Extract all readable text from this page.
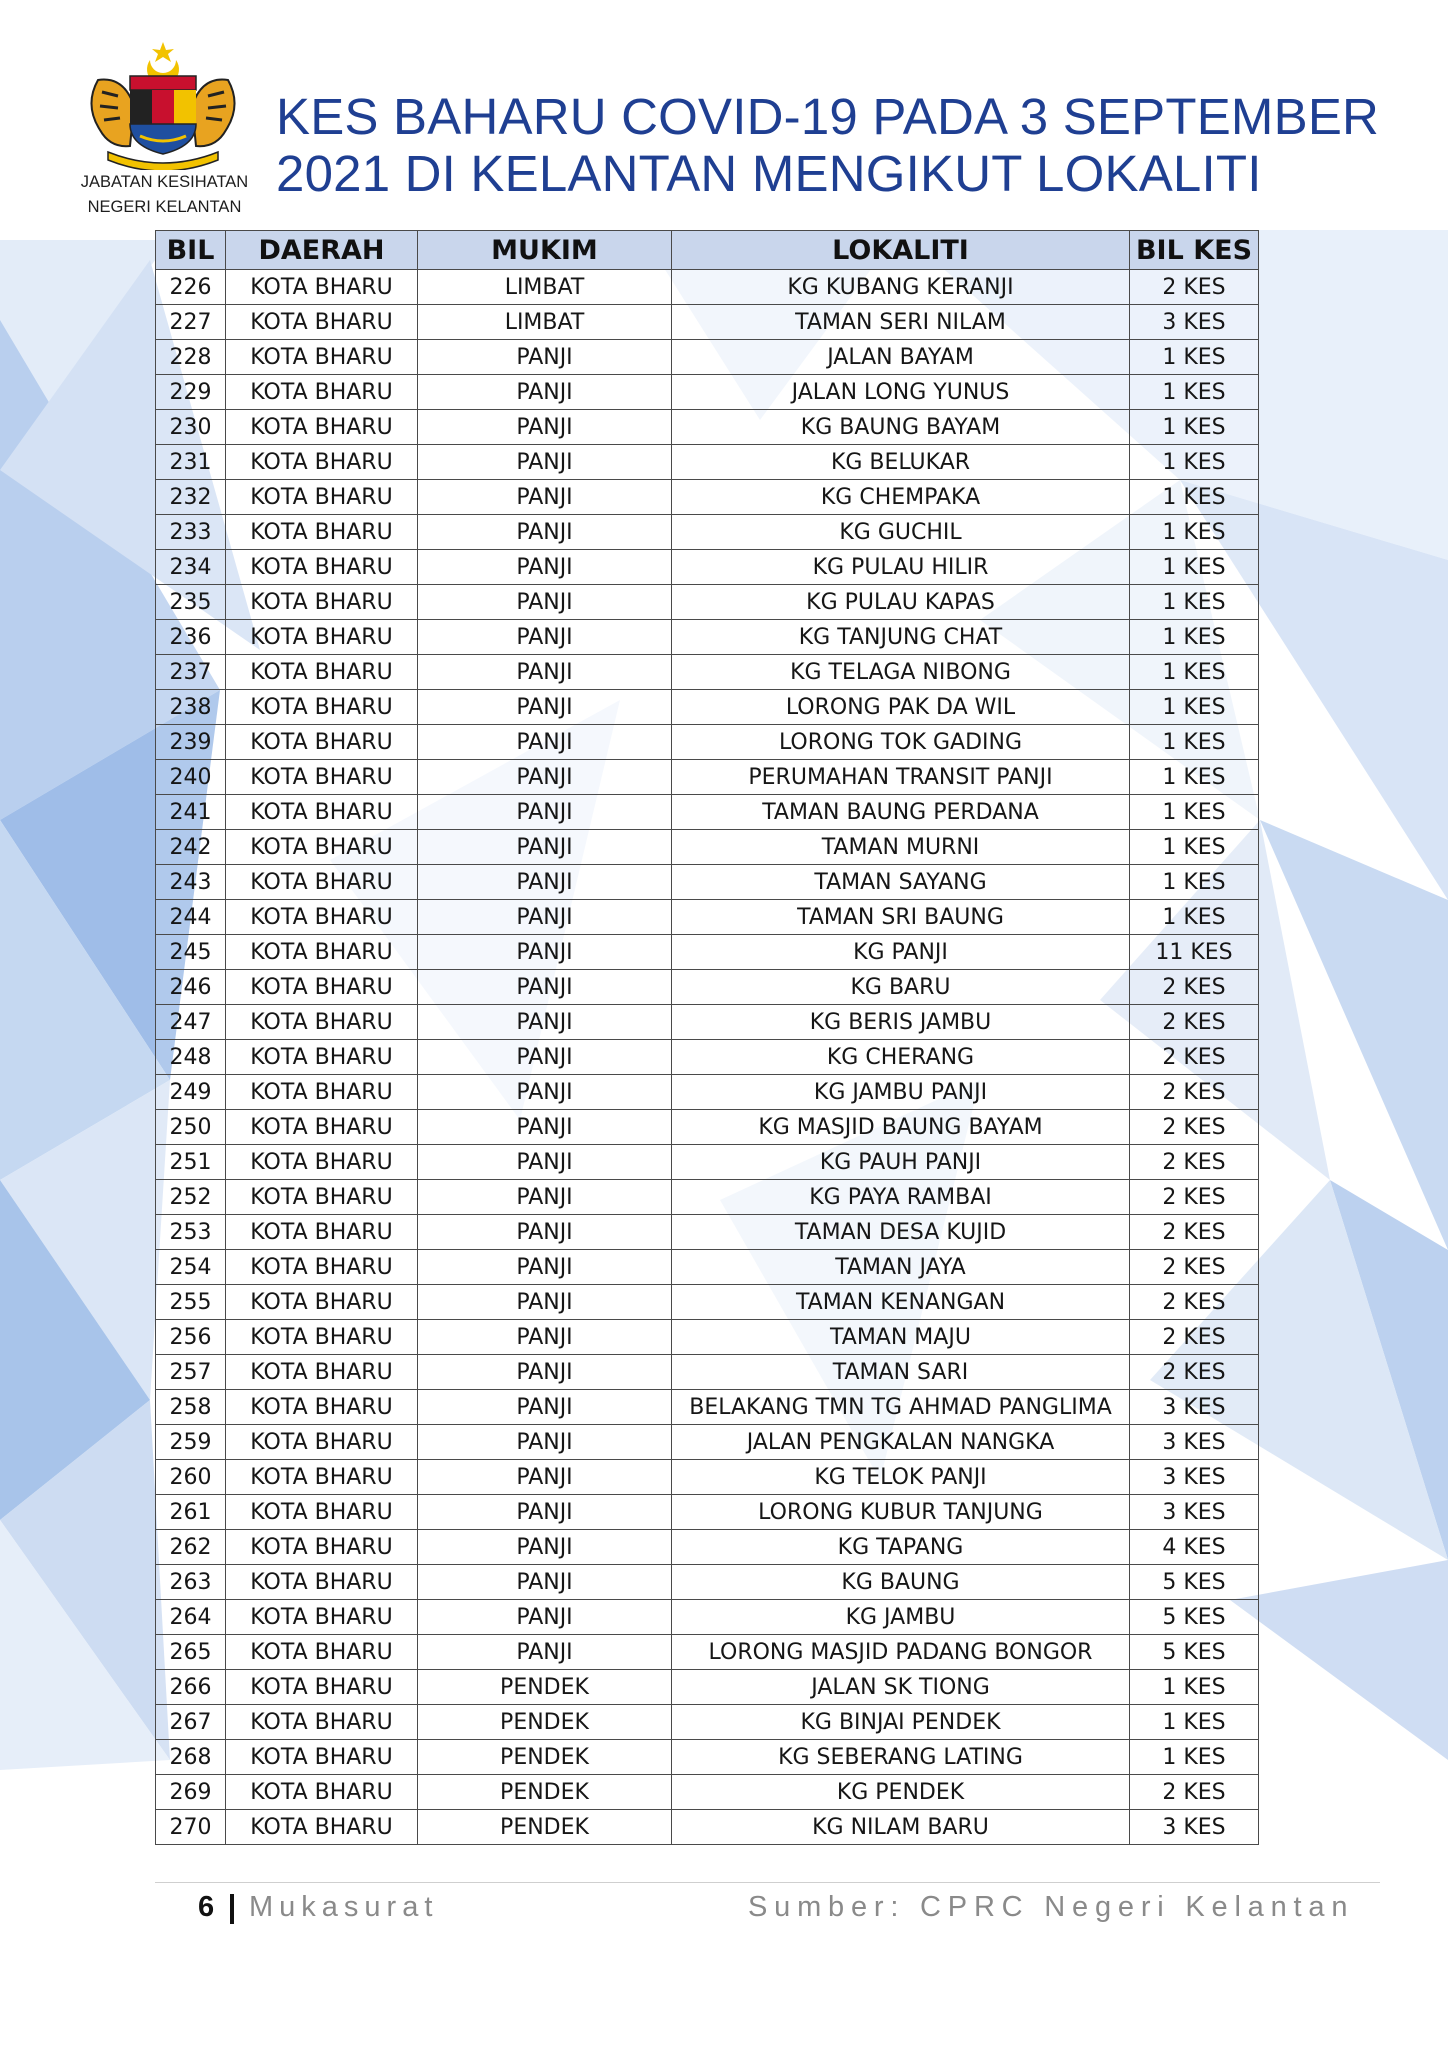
JABATAN KESIHATAN
NEGERI KELANTAN
KES BAHARU COVID-19 PADA 3 SEPTEMBER
2021 DI KELANTAN MENGIKUT LOKALITI
BIL	DAERAH	MUKIM	LOKALITI	BIL KES
226	KOTA BHARU	LIMBAT	KG KUBANG KERANJI	2 KES
227	KOTA BHARU	LIMBAT	TAMAN SERI NILAM	3 KES
228	KOTA BHARU	PANJI	JALAN BAYAM	1 KES
229	KOTA BHARU	PANJI	JALAN LONG YUNUS	1 KES
230	KOTA BHARU	PANJI	KG BAUNG BAYAM	1 KES
231	KOTA BHARU	PANJI	KG BELUKAR	1 KES
232	KOTA BHARU	PANJI	KG CHEMPAKA	1 KES
233	KOTA BHARU	PANJI	KG GUCHIL	1 KES
234	KOTA BHARU	PANJI	KG PULAU HILIR	1 KES
235	KOTA BHARU	PANJI	KG PULAU KAPAS	1 KES
236	KOTA BHARU	PANJI	KG TANJUNG CHAT	1 KES
237	KOTA BHARU	PANJI	KG TELAGA NIBONG	1 KES
238	KOTA BHARU	PANJI	LORONG PAK DA WIL	1 KES
239	KOTA BHARU	PANJI	LORONG TOK GADING	1 KES
240	KOTA BHARU	PANJI	PERUMAHAN TRANSIT PANJI	1 KES
241	KOTA BHARU	PANJI	TAMAN BAUNG PERDANA	1 KES
242	KOTA BHARU	PANJI	TAMAN MURNI	1 KES
243	KOTA BHARU	PANJI	TAMAN SAYANG	1 KES
244	KOTA BHARU	PANJI	TAMAN SRI BAUNG	1 KES
245	KOTA BHARU	PANJI	KG PANJI	11 KES
246	KOTA BHARU	PANJI	KG BARU	2 KES
247	KOTA BHARU	PANJI	KG BERIS JAMBU	2 KES
248	KOTA BHARU	PANJI	KG CHERANG	2 KES
249	KOTA BHARU	PANJI	KG JAMBU PANJI	2 KES
250	KOTA BHARU	PANJI	KG MASJID BAUNG BAYAM	2 KES
251	KOTA BHARU	PANJI	KG PAUH PANJI	2 KES
252	KOTA BHARU	PANJI	KG PAYA RAMBAI	2 KES
253	KOTA BHARU	PANJI	TAMAN DESA KUJID	2 KES
254	KOTA BHARU	PANJI	TAMAN JAYA	2 KES
255	KOTA BHARU	PANJI	TAMAN KENANGAN	2 KES
256	KOTA BHARU	PANJI	TAMAN MAJU	2 KES
257	KOTA BHARU	PANJI	TAMAN SARI	2 KES
258	KOTA BHARU	PANJI	BELAKANG TMN TG AHMAD PANGLIMA	3 KES
259	KOTA BHARU	PANJI	JALAN PENGKALAN NANGKA	3 KES
260	KOTA BHARU	PANJI	KG TELOK PANJI	3 KES
261	KOTA BHARU	PANJI	LORONG KUBUR TANJUNG	3 KES
262	KOTA BHARU	PANJI	KG TAPANG	4 KES
263	KOTA BHARU	PANJI	KG BAUNG	5 KES
264	KOTA BHARU	PANJI	KG JAMBU	5 KES
265	KOTA BHARU	PANJI	LORONG MASJID PADANG BONGOR	5 KES
266	KOTA BHARU	PENDEK	JALAN SK TIONG	1 KES
267	KOTA BHARU	PENDEK	KG BINJAI PENDEK	1 KES
268	KOTA BHARU	PENDEK	KG SEBERANG LATING	1 KES
269	KOTA BHARU	PENDEK	KG PENDEK	2 KES
270	KOTA BHARU	PENDEK	KG NILAM BARU	3 KES
6 Mukasurat	Sumber: CPRC Negeri Kelantan
